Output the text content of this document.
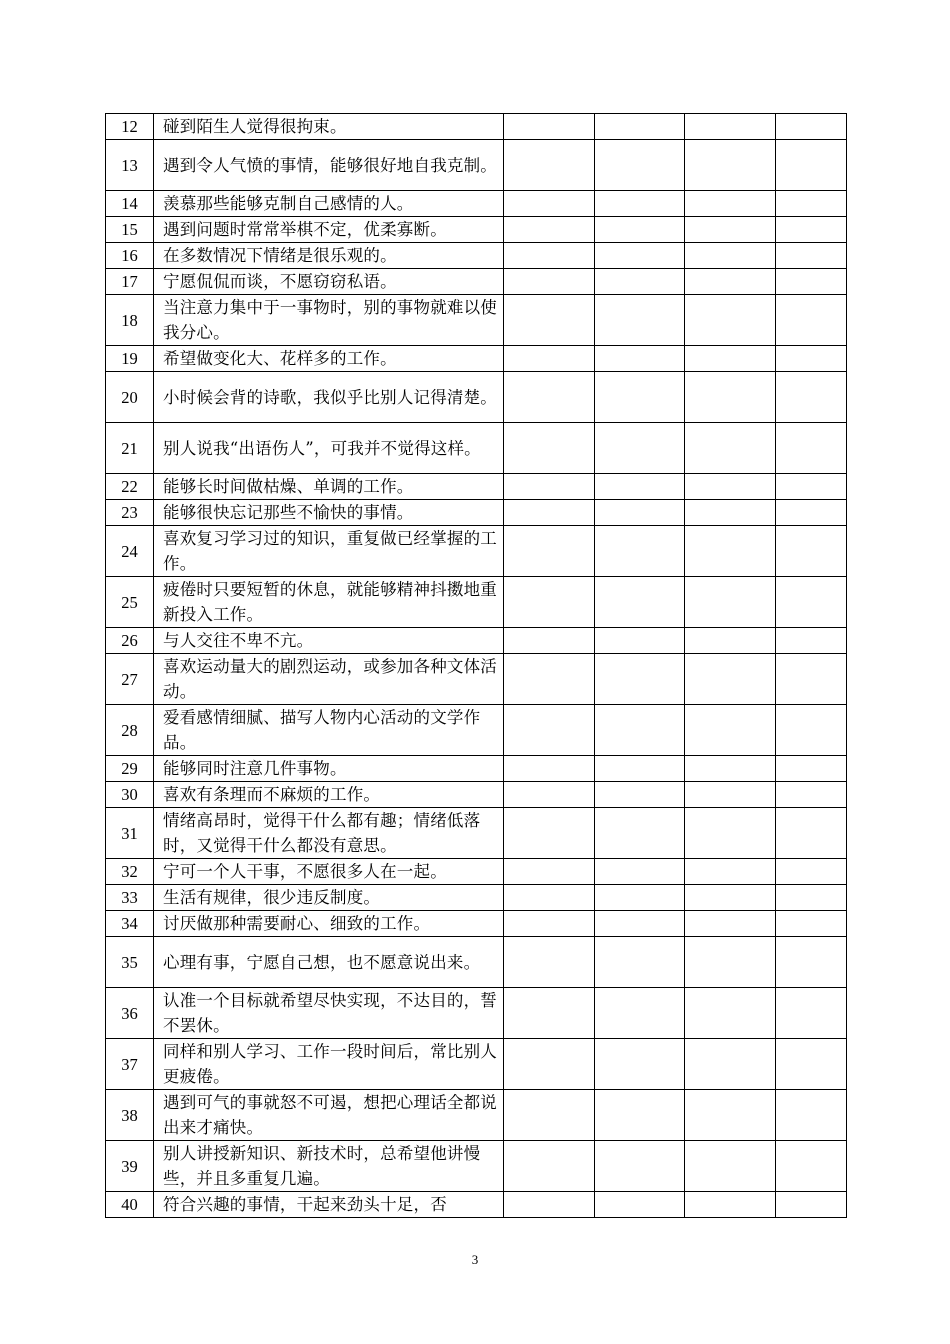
12	碰到陌生人觉得很拘束。				
13	遇到令人气愤的事情，能够很好地自我克制。				
14	羡慕那些能够克制自己感情的人。				
15	遇到问题时常常举棋不定，优柔寡断。				
16	在多数情况下情绪是很乐观的。				
17	宁愿侃侃而谈，不愿窃窃私语。				
18	当注意力集中于一事物时，别的事物就难以使我分心。				
19	希望做变化大、花样多的工作。				
20	小时候会背的诗歌，我似乎比别人记得清楚。				
21	别人说我“出语伤人”，可我并不觉得这样。				
22	能够长时间做枯燥、单调的工作。				
23	能够很快忘记那些不愉快的事情。				
24	喜欢复习学习过的知识，重复做已经掌握的工作。				
25	疲倦时只要短暂的休息，就能够精神抖擞地重新投入工作。				
26	与人交往不卑不亢。				
27	喜欢运动量大的剧烈运动，或参加各种文体活动。				
28	爱看感情细腻、描写人物内心活动的文学作品。				
29	能够同时注意几件事物。				
30	喜欢有条理而不麻烦的工作。				
31	情绪高昂时，觉得干什么都有趣；情绪低落时，又觉得干什么都没有意思。				
32	宁可一个人干事，不愿很多人在一起。				
33	生活有规律，很少违反制度。				
34	讨厌做那种需要耐心、细致的工作。				
35	心理有事，宁愿自己想，也不愿意说出来。				
36	认准一个目标就希望尽快实现，不达目的，誓不罢休。				
37	同样和别人学习、工作一段时间后，常比别人更疲倦。				
38	遇到可气的事就怒不可遏，想把心理话全都说出来才痛快。				
39	别人讲授新知识、新技术时，总希望他讲慢些，并且多重复几遍。				
40	符合兴趣的事情，干起来劲头十足，否				
3
